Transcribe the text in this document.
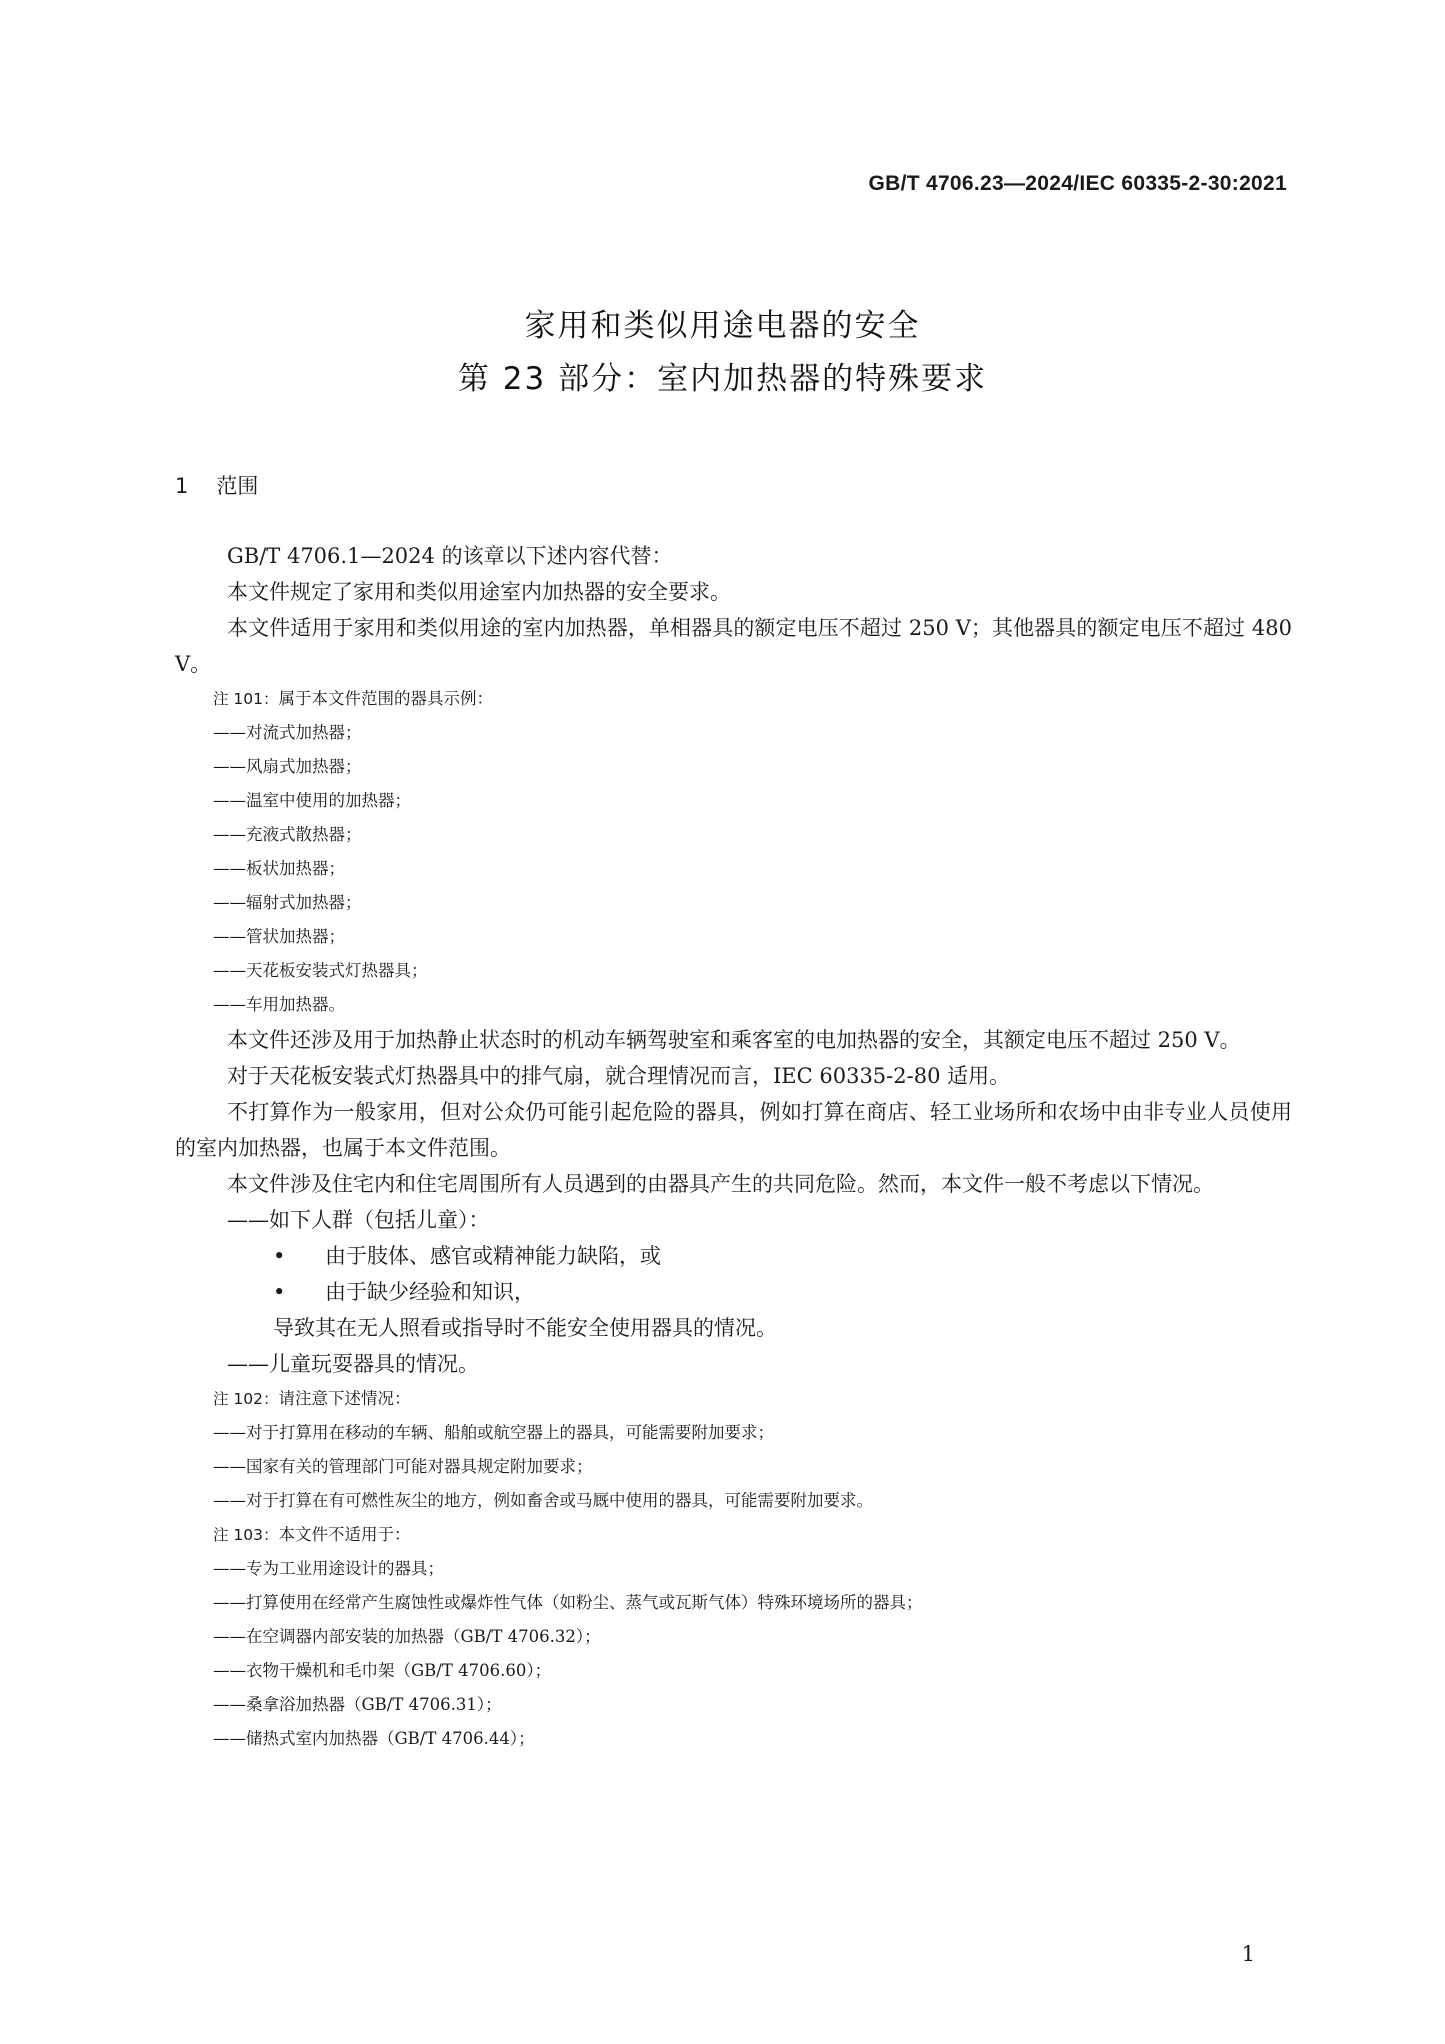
GB/T 4706.23—2024/IEC 60335-2-30:2021
家用和类似用途电器的安全
第 23 部分：室内加热器的特殊要求
1 范围

GB/T 4706.1—2024 的该章以下述内容代替：

本文件规定了家用和类似用途室内加热器的安全要求。

本文件适用于家用和类似用途的室内加热器，单相器具的额定电压不超过 250 V；其他器具的额定电压不超过 480 V。

注 101：属于本文件范围的器具示例：

——对流式加热器；

——风扇式加热器；

——温室中使用的加热器；

——充液式散热器；

——板状加热器；

——辐射式加热器；

——管状加热器；

——天花板安装式灯热器具；

——车用加热器。

本文件还涉及用于加热静止状态时的机动车辆驾驶室和乘客室的电加热器的安全，其额定电压不超过 250 V。

对于天花板安装式灯热器具中的排气扇，就合理情况而言，IEC 60335-2-80 适用。

不打算作为一般家用，但对公众仍可能引起危险的器具，例如打算在商店、轻工业场所和农场中由非专业人员使用的室内加热器，也属于本文件范围。

本文件涉及住宅内和住宅周围所有人员遇到的由器具产生的共同危险。然而，本文件一般不考虑以下情况。

——如下人群（包括儿童）：

•	由于肢体、感官或精神能力缺陷，或

•	由于缺少经验和知识，

导致其在无人照看或指导时不能安全使用器具的情况。

——儿童玩耍器具的情况。

注 102：请注意下述情况：

——对于打算用在移动的车辆、船舶或航空器上的器具，可能需要附加要求；

——国家有关的管理部门可能对器具规定附加要求；

——对于打算在有可燃性灰尘的地方，例如畜舍或马厩中使用的器具，可能需要附加要求。

注 103：本文件不适用于：

——专为工业用途设计的器具；

——打算使用在经常产生腐蚀性或爆炸性气体（如粉尘、蒸气或瓦斯气体）特殊环境场所的器具；

——在空调器内部安装的加热器（GB/T 4706.32）；

——衣物干燥机和毛巾架（GB/T 4706.60）；

——桑拿浴加热器（GB/T 4706.31）；

——储热式室内加热器（GB/T 4706.44）；

1
